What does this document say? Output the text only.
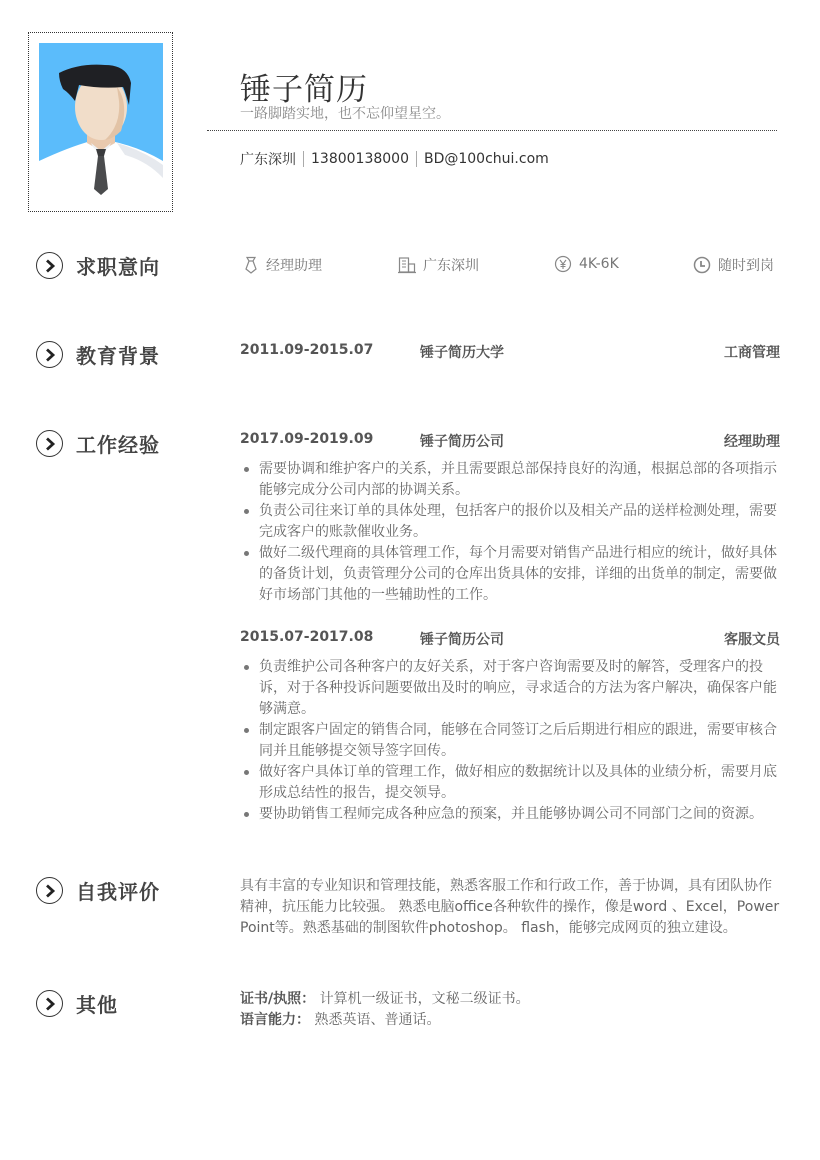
锤子简历
一路脚踏实地，也不忘仰望星空。
广东深圳 13800138000 BD@100chui.com
求职意向	经理助理	广东深圳	4K-6K	随时到岗
教育背景	2011.09-2015.07	锤子简历大学	工商管理
工作经验	2017.09-2019.09	锤子简历公司	经理助理
需要协调和维护客户的关系，并且需要跟总部保持良好的沟通，根据总部的各项指示能够完成分公司内部的协调关系。
负责公司往来订单的具体处理，包括客户的报价以及相关产品的送样检测处理，需要完成客户的账款催收业务。
做好二级代理商的具体管理工作，每个月需要对销售产品进行相应的统计，做好具体的备货计划，负责管理分公司的仓库出货具体的安排，详细的出货单的制定，需要做好市场部门其他的一些辅助性的工作。
2015.07-2017.08	锤子简历公司	客服文员
负责维护公司各种客户的友好关系，对于客户咨询需要及时的解答，受理客户的投诉，对于各种投诉问题要做出及时的响应，寻求适合的方法为客户解决，确保客户能够满意。
制定跟客户固定的销售合同，能够在合同签订之后后期进行相应的跟进，需要审核合同并且能够提交领导签字回传。
做好客户具体订单的管理工作，做好相应的数据统计以及具体的业绩分析，需要月底形成总结性的报告，提交领导。
要协助销售工程师完成各种应急的预案，并且能够协调公司不同部门之间的资源。
自我评价	具有丰富的专业知识和管理技能，熟悉客服工作和行政工作，善于协调，具有团队协作精神，抗压能力比较强。 熟悉电脑office各种软件的操作，像是word 、Excel，PowerPoint等。熟悉基础的制图软件photoshop。 flash，能够完成网页的独立建设。
其他	证书/执照： 计算机一级证书，文秘二级证书。
语言能力： 熟悉英语、普通话。
